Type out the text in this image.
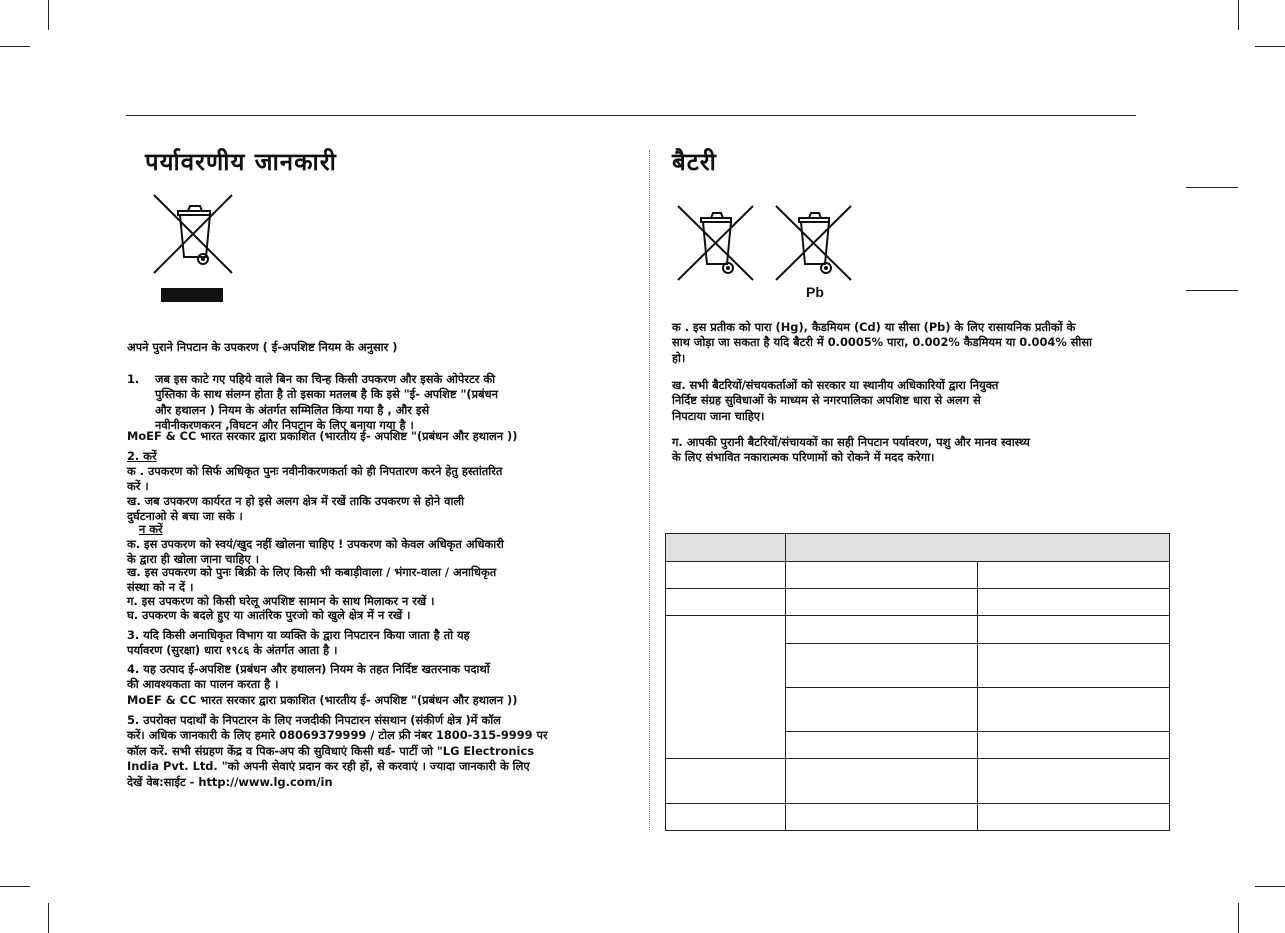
पर्यावरणीय जानकारी
अपने पुराने निपटान के उपकरण ( ई-अपशिष्ट नियम के अनुसार )
1. जब इस काटे गए पहिये वाले बिन का चिन्ह किसी उपकरण और इसके ओपेरटर की
पुस्तिका के साथ संलग्न होता है तो इसका मतलब है कि इसे "ई- अपशिष्ट "(प्रबंधन
और हथालन ) नियम के अंतर्गत सम्मिलित किया गया है , और इसे
नवीनीकरणकरन ,विघटन और निपटान के लिए बनाया गया है ।
MoEF & CC भारत सरकार द्वारा प्रकाशित (भारतीय ई- अपशिष्ट "(प्रबंधन और हथालन ))
2. करें
क . उपकरण को सिर्फ अधिकृत पुनः नवीनीकरणकर्ता को ही निपतारण करने हेतु हस्तांतरित
करें ।
ख. जब उपकरण कार्यरत न हो इसे अलग क्षेत्र में रखें ताकि उपकरण से होने वाली
दुर्घटनाओ से बचा जा सके ।
न करें
क. इस उपकरण को स्वयं/खुद नहीं खोलना चाहिए ! उपकरण को केवल अधिकृत अधिकारी
के द्वारा ही खोला जाना चाहिए ।
ख. इस उपकरण को पुनः बिक्री के लिए किसी भी कबाड़ीवाला / भंगार-वाला / अनाधिकृत
संस्था को न दें ।
ग. इस उपकरण को किसी घरेलू अपशिष्ट सामान के साथ मिलाकर न रखें ।
घ. उपकरण के बदले हुए या आतंरिक पुरजो को खुले क्षेत्र में न रखें ।
3. यदि किसी अनाधिकृत विभाग या व्यक्ति के द्वारा निपटारन किया जाता है तो यह
पर्यावरण (सुरक्षा) धारा १९८६ के अंतर्गत आता है ।
4. यह उत्पाद ई-अपशिष्ट (प्रबंधन और हथालन) नियम के तहत निर्दिष्ट खतरनाक पदार्थो
की आवश्यकता का पालन करता है ।
MoEF & CC भारत सरकार द्वारा प्रकाशित (भारतीय ई- अपशिष्ट "(प्रबंधन और हथालन ))
5. उपरोक्त पदार्थों के निपटारन के लिए नजदीकी निपटारन संसथान (संकीर्ण क्षेत्र )में कॉल
करें। अधिक जानकारी के लिए हमारे 08069379999 / टोल फ्री नंबर 1800-315-9999 पर
कॉल करें. सभी संग्रहण केंद्र व पिक-अप की सुविधाएं किसी थर्ड- पार्टी जो "LG Electronics
India Pvt. Ltd. "को अपनी सेवाएं प्रदान कर रही हों, से करवाएं । ज्यादा जानकारी के लिए
देखें वेब:साईट - http://www.lg.com/in
बैटरी
Pb
क . इस प्रतीक को पारा (Hg), कैडमियम (Cd) या सीसा (Pb) के लिए रासायनिक प्रतीकों के
साथ जोड़ा जा सकता है यदि बैटरी में 0.0005% पारा, 0.002% कैडमियम या 0.004% सीसा
हो।
ख. सभी बैटरियों/संचयकर्ताओं को सरकार या स्थानीय अधिकारियों द्वारा नियुक्त
निर्दिष्ट संग्रह सुविधाओं के माध्यम से नगरपालिका अपशिष्ट धारा से अलग से
निपटाया जाना चाहिए।
ग. आपकी पुरानी बैटरियों/संचायकों का सही निपटान पर्यावरण, पशु और मानव स्वास्थ्य
के लिए संभावित नकारात्मक परिणामों को रोकने में मदद करेगा।
